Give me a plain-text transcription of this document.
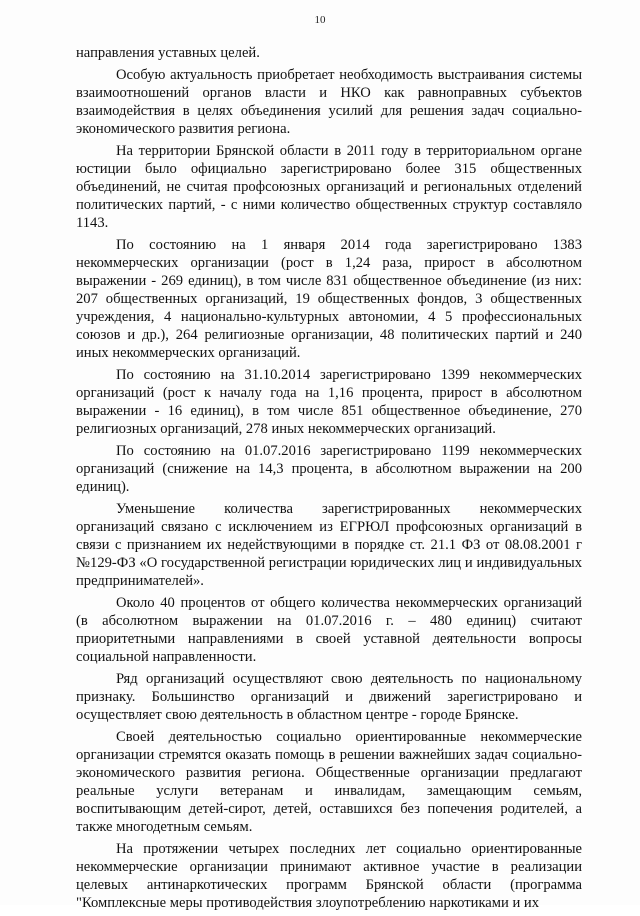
10

направления уставных целей.

Особую актуальность приобретает необходимость выстраивания системы взаимоотношений органов власти и НКО как равноправных субъектов взаимодействия в целях объединения усилий для решения задач социально-экономического развития региона.

На территории Брянской области в 2011 году в территориальном органе юстиции было официально зарегистрировано более 315 общественных объединений, не считая профсоюзных организаций и региональных отделений политических партий, - с ними количество общественных структур составляло 1143.

По состоянию на 1 января 2014 года зарегистрировано 1383 некоммерческих организации (рост в 1,24 раза, прирост в абсолютном выражении - 269 единиц), в том числе 831 общественное объединение (из них: 207 общественных организаций, 19 общественных фондов, 3 общественных учреждения, 4 национально-культурных автономии, 4 5 профессиональных союзов и др.), 264 религиозные организации, 48 политических партий и 240 иных некоммерческих организаций.

По состоянию на 31.10.2014 зарегистрировано 1399 некоммерческих организаций (рост к началу года на 1,16 процента, прирост в абсолютном выражении - 16 единиц), в том числе 851 общественное объединение, 270 религиозных организаций, 278 иных некоммерческих организаций.

По состоянию на 01.07.2016 зарегистрировано 1199 некоммерческих организаций (снижение на 14,3 процента, в абсолютном выражении на 200 единиц).

Уменьшение количества зарегистрированных некоммерческих организаций связано с исключением из ЕГРЮЛ профсоюзных организаций в связи с признанием их недействующими в порядке ст. 21.1 ФЗ от 08.08.2001 г №129-ФЗ «О государственной регистрации юридических лиц и индивидуальных предпринимателей».

Около 40 процентов от общего количества некоммерческих организаций (в абсолютном выражении на 01.07.2016 г. – 480 единиц) считают приоритетными направлениями в своей уставной деятельности вопросы социальной направленности.

Ряд организаций осуществляют свою деятельность по национальному признаку. Большинство организаций и движений зарегистрировано и осуществляет свою деятельность в областном центре - городе Брянске.

Своей деятельностью социально ориентированные некоммерческие организации стремятся оказать помощь в решении важнейших задач социально-экономического развития региона. Общественные организации предлагают реальные услуги ветеранам и инвалидам, замещающим семьям, воспитывающим детей-сирот, детей, оставшихся без попечения родителей, а также многодетным семьям.

На протяжении четырех последних лет социально ориентированные некоммерческие организации принимают активное участие в реализации целевых антинаркотических программ Брянской области (программа "Комплексные меры противодействия злоупотреблению наркотиками и их
